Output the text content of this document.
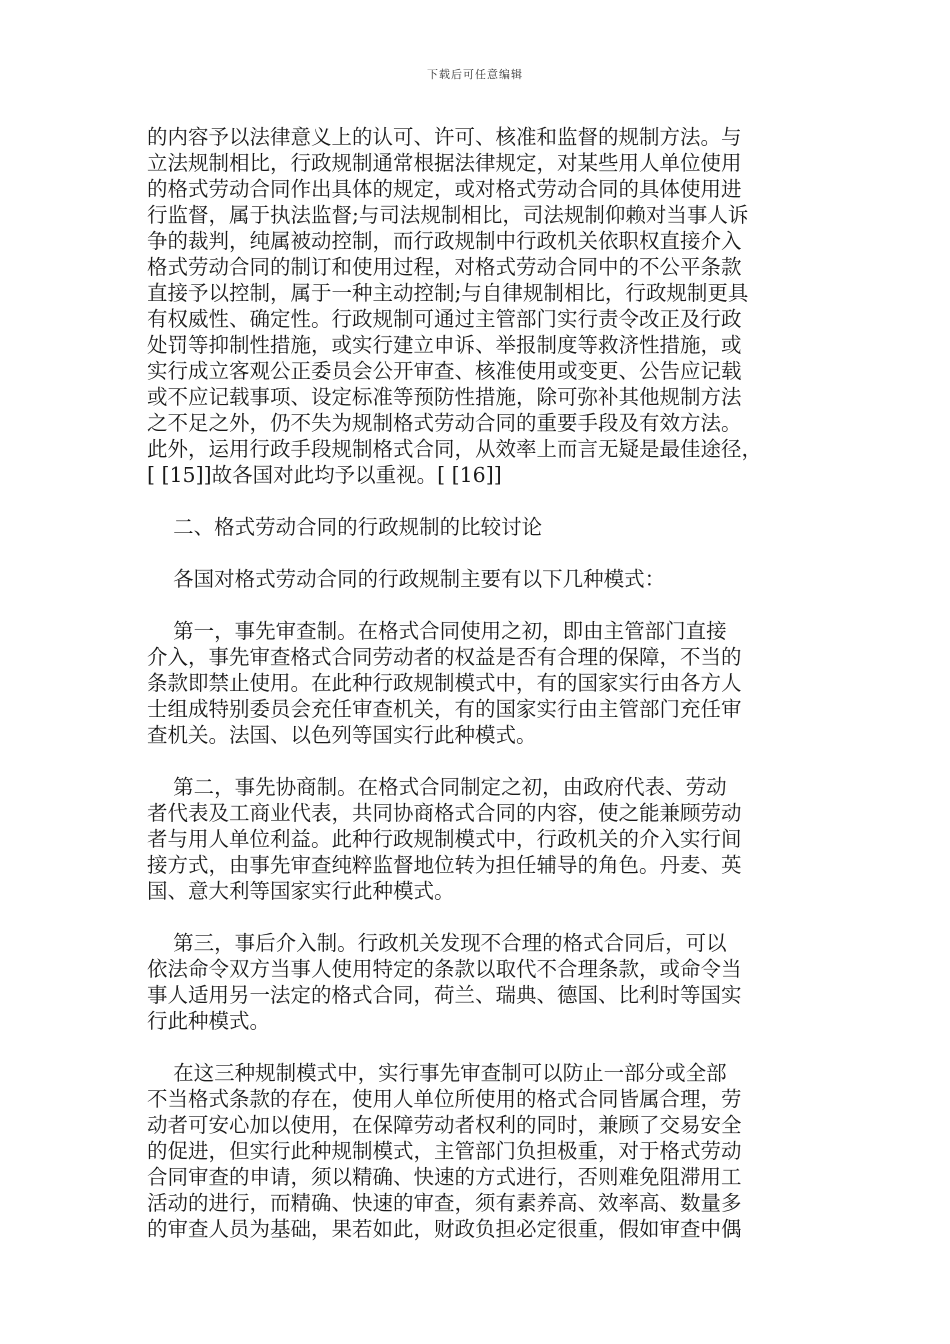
下载后可任意编辑

的内容予以法律意义上的认可、许可、核准和监督的规制方法。与

立法规制相比，行政规制通常根据法律规定，对某些用人单位使用

的格式劳动合同作出具体的规定，或对格式劳动合同的具体使用进

行监督，属于执法监督;与司法规制相比，司法规制仰赖对当事人诉

争的裁判，纯属被动控制，而行政规制中行政机关依职权直接介入

格式劳动合同的制订和使用过程，对格式劳动合同中的不公平条款

直接予以控制，属于一种主动控制;与自律规制相比，行政规制更具

有权威性、确定性。行政规制可通过主管部门实行责令改正及行政

处罚等抑制性措施，或实行建立申诉、举报制度等救济性措施，或

实行成立客观公正委员会公开审查、核准使用或变更、公告应记载

或不应记载事项、设定标准等预防性措施，除可弥补其他规制方法

之不足之外，仍不失为规制格式劳动合同的重要手段及有效方法。

此外，运用行政手段规制格式合同，从效率上而言无疑是最佳途径，

[ [15]]故各国对此均予以重视。[ [16]]

二、格式劳动合同的行政规制的比较讨论

各国对格式劳动合同的行政规制主要有以下几种模式：

第一，事先审查制。在格式合同使用之初，即由主管部门直接

介入，事先审查格式合同劳动者的权益是否有合理的保障，不当的

条款即禁止使用。在此种行政规制模式中，有的国家实行由各方人

士组成特别委员会充任审查机关，有的国家实行由主管部门充任审

查机关。法国、以色列等国实行此种模式。

第二，事先协商制。在格式合同制定之初，由政府代表、劳动

者代表及工商业代表，共同协商格式合同的内容，使之能兼顾劳动

者与用人单位利益。此种行政规制模式中，行政机关的介入实行间

接方式，由事先审查纯粹监督地位转为担任辅导的角色。丹麦、英

国、意大利等国家实行此种模式。

第三，事后介入制。行政机关发现不合理的格式合同后，可以

依法命令双方当事人使用特定的条款以取代不合理条款，或命令当

事人适用另一法定的格式合同，荷兰、瑞典、德国、比利时等国实

行此种模式。

在这三种规制模式中，实行事先审查制可以防止一部分或全部

不当格式条款的存在，使用人单位所使用的格式合同皆属合理，劳

动者可安心加以使用，在保障劳动者权利的同时，兼顾了交易安全

的促进，但实行此种规制模式，主管部门负担极重，对于格式劳动

合同审查的申请，须以精确、快速的方式进行，否则难免阻滞用工

活动的进行，而精确、快速的审查，须有素养高、效率高、数量多

的审查人员为基础，果若如此，财政负担必定很重，假如审查中偶
